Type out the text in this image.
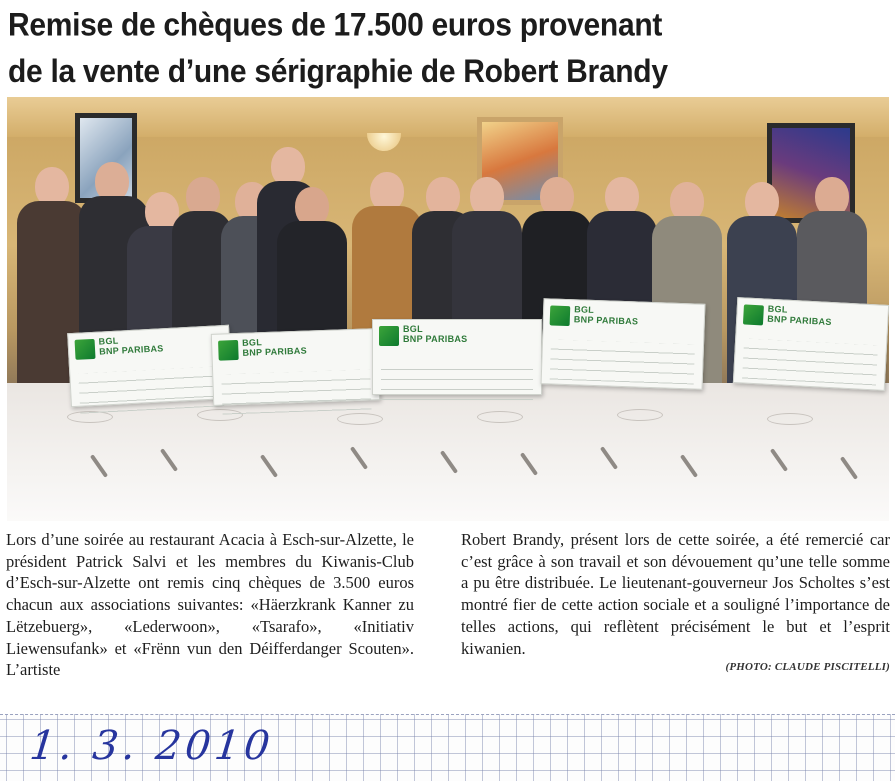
Remise de chèques de 17.500 euros provenant
de la vente d’une sérigraphie de Robert Brandy
BGL
BNP PARIBAS
BGL
BNP PARIBAS
BGL
BNP PARIBAS
BGL
BNP PARIBAS
BGL
BNP PARIBAS

Lors d’une soirée au restaurant Acacia à Esch-sur-Alzette, le président Patrick Salvi et les membres du Kiwanis-Club d’Esch-sur-Alzette ont remis cinq chèques de 3.500 euros chacun aux associations suivantes: «Häerzkrank Kanner zu Lëtzebuerg», «Lederwoon», «Tsarafo», «Initiativ Liewensufank» et «Frënn vun den Déifferdanger Scouten». L’artiste

Robert Brandy, présent lors de cette soirée, a été remercié car c’est grâce à son travail et son dévouement qu’une telle somme a pu être distribuée. Le lieutenant-gouverneur Jos Scholtes s’est montré fier de cette action sociale et a souligné l’importance de telles actions, qui reflètent précisément le but et l’esprit kiwanien.

(PHOTO: CLAUDE PISCITELLI)
1. 3. 2010
